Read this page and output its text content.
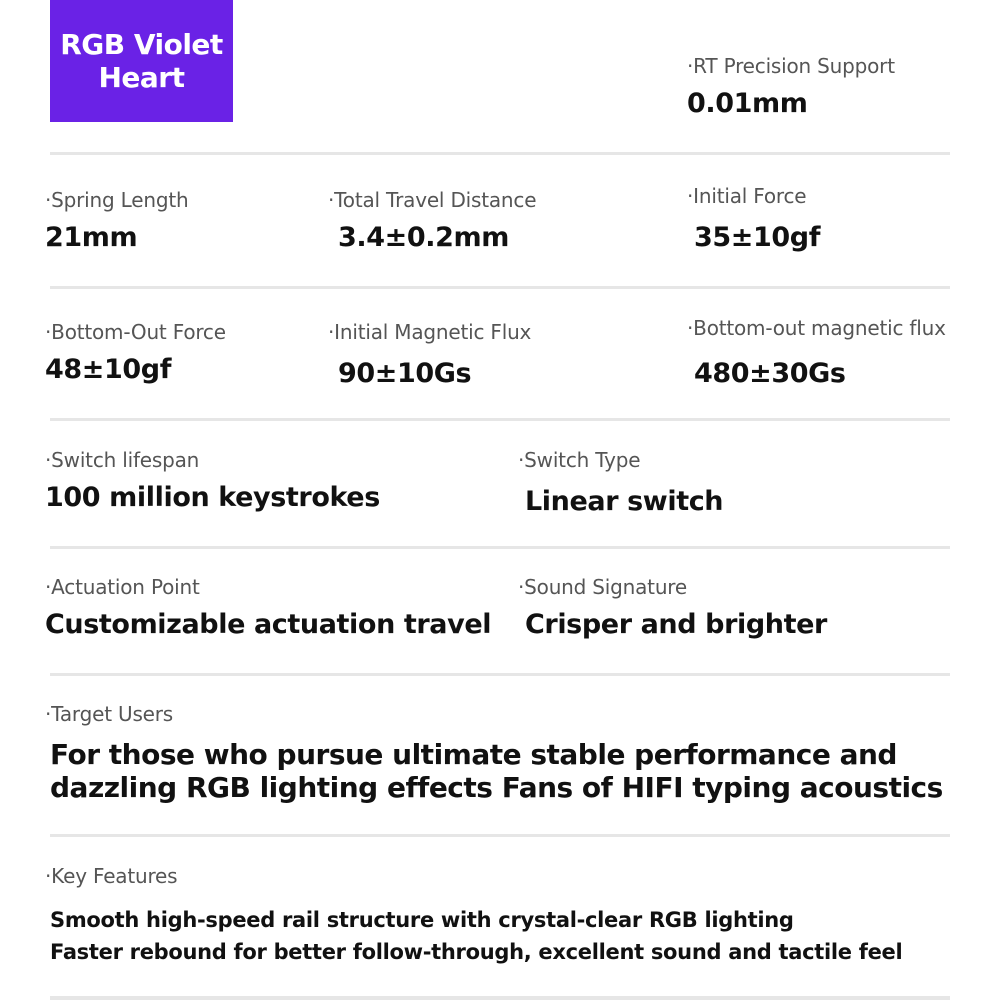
RGB Violet Heart
·	RT Precision Support
0.01mm
· Spring Length
21mm
· Total Travel Distance
3.4±0.2mm
· Initial Force
35±10gf
· Bottom-Out Force
48±10gf
· Initial Magnetic Flux
90±10Gs
· Bottom-out magnetic flux
480±30Gs
· Switch lifespan
100 million keystrokes
· Switch Type
Linear switch
· Actuation Point
Customizable actuation travel
· Sound Signature
Crisper and brighter
· Target Users
For those who pursue ultimate stable performance and dazzling RGB lighting effects Fans of HIFI typing acoustics
· Key Features
Smooth high-speed rail structure with crystal-clear RGB lighting
Faster rebound for better follow-through, excellent sound and tactile feel
